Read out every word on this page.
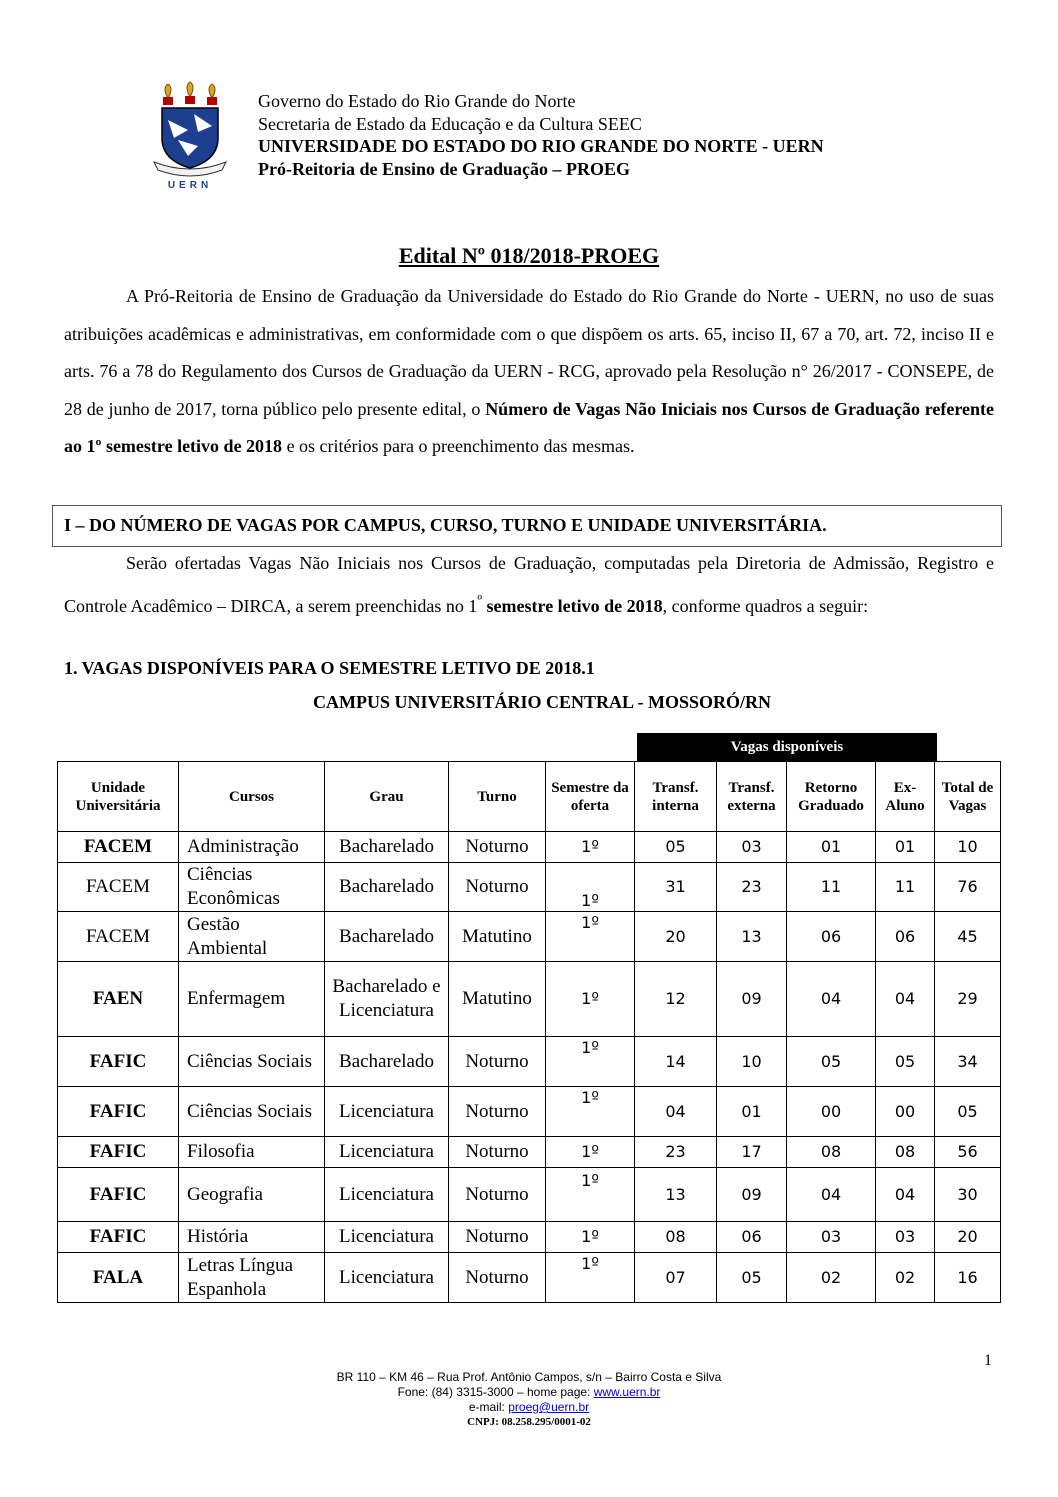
UERN
Governo do Estado do Rio Grande do Norte
Secretaria de Estado da Educação e da Cultura SEEC
UNIVERSIDADE DO ESTADO DO RIO GRANDE DO NORTE - UERN
Pró-Reitoria de Ensino de Graduação – PROEG
Edital Nº 018/2018-PROEG
A Pró-Reitoria de Ensino de Graduação da Universidade do Estado do Rio Grande do Norte - UERN, no uso de suas atribuições acadêmicas e administrativas, em conformidade com o que dispõem os arts. 65, inciso II, 67 a 70, art. 72, inciso II e arts. 76 a 78 do Regulamento dos Cursos de Graduação da UERN - RCG, aprovado pela Resolução n° 26/2017 - CONSEPE, de 28 de junho de 2017, torna público pelo presente edital, o Número de Vagas Não Iniciais nos Cursos de Graduação referente ao 1º semestre letivo de 2018 e os critérios para o preenchimento das mesmas.
I – DO NÚMERO DE VAGAS POR CAMPUS, CURSO, TURNO E UNIDADE UNIVERSITÁRIA.
Serão ofertadas Vagas Não Iniciais nos Cursos de Graduação, computadas pela Diretoria de Admissão, Registro e Controle Acadêmico – DIRCA, a serem preenchidas no $1^º$ semestre letivo de 2018, conforme quadros a seguir:
1. VAGAS DISPONÍVEIS PARA O SEMESTRE LETIVO DE 2018.1
CAMPUS UNIVERSITÁRIO CENTRAL - MOSSORÓ/RN
Vagas disponíveis
Unidade Universitária	Cursos	Grau	Turno	Semestre da oferta	Transf. interna	Transf. externa	Retorno Graduado	Ex-Aluno	Total de Vagas
FACEM	Administração	Bacharelado	Noturno	1º	05	03	01	01	10
FACEM	Ciências Econômicas	Bacharelado	Noturno	1º	31	23	11	11	76
FACEM	Gestão Ambiental	Bacharelado	Matutino	1º	20	13	06	06	45
FAEN	Enfermagem	Bacharelado e Licenciatura	Matutino	1º	12	09	04	04	29
FAFIC	Ciências Sociais	Bacharelado	Noturno	1º	14	10	05	05	34
FAFIC	Ciências Sociais	Licenciatura	Noturno	1º	04	01	00	00	05
FAFIC	Filosofia	Licenciatura	Noturno	1º	23	17	08	08	56
FAFIC	Geografia	Licenciatura	Noturno	1º	13	09	04	04	30
FAFIC	História	Licenciatura	Noturno	1º	08	06	03	03	20
FALA	Letras Língua Espanhola	Licenciatura	Noturno	1º	07	05	02	02	16
1
BR 110 – KM 46 – Rua Prof. Antônio Campos, s/n – Bairro Costa e Silva
Fone: (84) 3315-3000 – home page: www.uern.br
e-mail: proeg@uern.br
CNPJ: 08.258.295/0001-02
